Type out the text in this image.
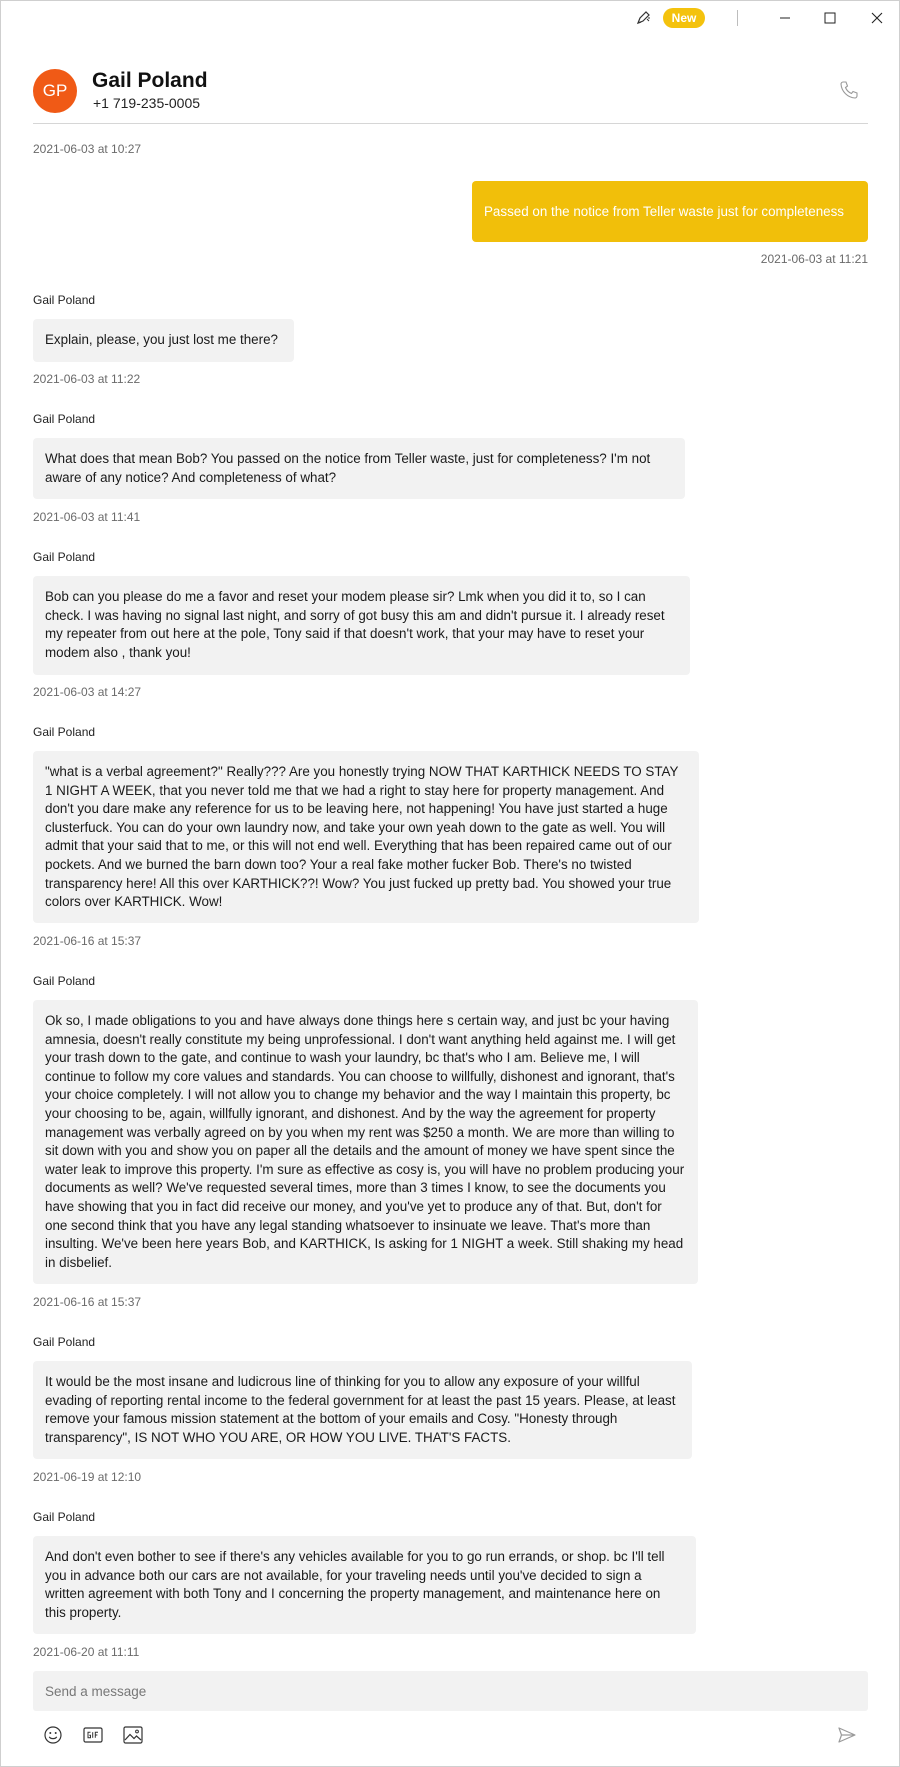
New
GP	Gail Poland
+1 719-235-0005
2021-06-03 at 10:27
Passed on the notice from Teller waste just for completeness
2021-06-03 at 11:21
Gail Poland
Explain, please, you just lost me there?
2021-06-03 at 11:22
Gail Poland
What does that mean Bob? You passed on the notice from Teller waste, just for completeness? I'm not aware of any notice? And completeness of what?
2021-06-03 at 11:41
Gail Poland
Bob can you please do me a favor and reset your modem please sir? Lmk when you did it to, so I can check. I was having no signal last night, and sorry of got busy this am and didn't pursue it. I already reset my repeater from out here at the pole, Tony said if that doesn't work, that your may have to reset your modem also , thank you!
2021-06-03 at 14:27
Gail Poland
"what is a verbal agreement?" Really??? Are you honestly trying NOW THAT KARTHICK NEEDS TO STAY 1 NIGHT A WEEK, that you never told me that we had a right to stay here for property management. And don't you dare make any reference for us to be leaving here, not happening! You have just started a huge clusterfuck. You can do your own laundry now, and take your own yeah down to the gate as well. You will admit that your said that to me, or this will not end well. Everything that has been repaired came out of our pockets. And we burned the barn down too? Your a real fake mother fucker Bob. There's no twisted transparency here! All this over KARTHICK??! Wow? You just fucked up pretty bad. You showed your true colors over KARTHICK. Wow!
2021-06-16 at 15:37
Gail Poland
Ok so, I made obligations to you and have always done things here s certain way, and just bc your having amnesia, doesn't really constitute my being unprofessional. I don't want anything held against me. I will get your trash down to the gate, and continue to wash your laundry, bc that's who I am. Believe me, I will continue to follow my core values and standards. You can choose to willfully, dishonest and ignorant, that's your choice completely. I will not allow you to change my behavior and the way I maintain this property, bc your choosing to be, again, willfully ignorant, and dishonest. And by the way the agreement for property management was verbally agreed on by you when my rent was $250 a month. We are more than willing to sit down with you and show you on paper all the details and the amount of money we have spent since the water leak to improve this property. I'm sure as effective as cosy is, you will have no problem producing your documents as well? We've requested several times, more than 3 times I know, to see the documents you have showing that you in fact did receive our money, and you've yet to produce any of that. But, don't for one second think that you have any legal standing whatsoever to insinuate we leave. That's more than insulting. We've been here years Bob, and KARTHICK, Is asking for 1 NIGHT a week. Still shaking my head in disbelief.
2021-06-16 at 15:37
Gail Poland
It would be the most insane and ludicrous line of thinking for you to allow any exposure of your willful evading of reporting rental income to the federal government for at least the past 15 years. Please, at least remove your famous mission statement at the bottom of your emails and Cosy. "Honesty through transparency", IS NOT WHO YOU ARE, OR HOW YOU LIVE. THAT'S FACTS.
2021-06-19 at 12:10
Gail Poland
And don't even bother to see if there's any vehicles available for you to go run errands, or shop. bc I'll tell you in advance both our cars are not available, for your traveling needs until you've decided to sign a written agreement with both Tony and I concerning the property management, and maintenance here on this property.
2021-06-20 at 11:11
Send a message
